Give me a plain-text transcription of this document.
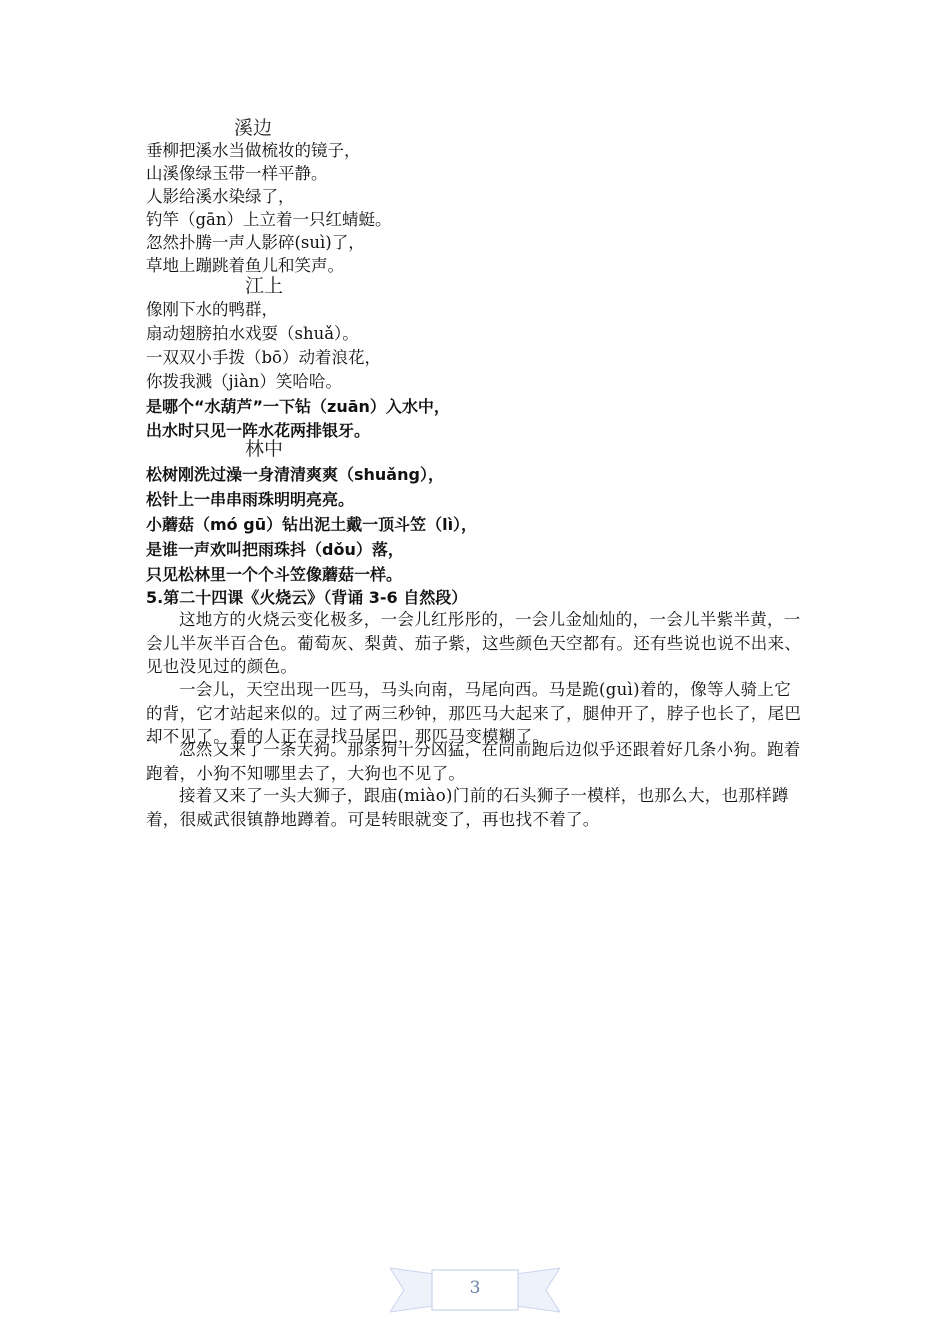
溪边
垂柳把溪水当做梳妆的镜子，
山溪像绿玉带一样平静。
人影给溪水染绿了，
钓竿（gān）上立着一只红蜻蜓。
忽然扑腾一声人影碎(suì)了，
草地上蹦跳着鱼儿和笑声。
江上
像刚下水的鸭群，
扇动翅膀拍水戏耍（shuǎ）。
一双双小手拨（bō）动着浪花，
你拨我溅（jiàn）笑哈哈。
是哪个“水葫芦”一下钻（zuān）入水中，
出水时只见一阵水花两排银牙。
林中
松树刚洗过澡一身清清爽爽（shuǎng），
松针上一串串雨珠明明亮亮。
小蘑菇（mó gū）钻出泥土戴一顶斗笠（lì），
是谁一声欢叫把雨珠抖（dǒu）落，
只见松林里一个个斗笠像蘑菇一样。
5.第二十四课《火烧云》（背诵 3-6 自然段）
这地方的火烧云变化极多，一会儿红彤彤的，一会儿金灿灿的，一会儿半紫半黄，一会儿半灰半百合色。葡萄灰、梨黄、茄子紫，这些颜色天空都有。还有些说也说不出来、见也没见过的颜色。
一会儿，天空出现一匹马，马头向南，马尾向西。马是跪(guì)着的，像等人骑上它的背，它才站起来似的。过了两三秒钟，那匹马大起来了，腿伸开了，脖子也长了，尾巴却不见了。看的人正在寻找马尾巴，那匹马变模糊了。
忽然又来了一条大狗。那条狗十分凶猛，在向前跑后边似乎还跟着好几条小狗。跑着跑着，小狗不知哪里去了，大狗也不见了。
接着又来了一头大狮子，跟庙(miào)门前的石头狮子一模样，也那么大，也那样蹲着，很威武很镇静地蹲着。可是转眼就变了，再也找不着了。
3
